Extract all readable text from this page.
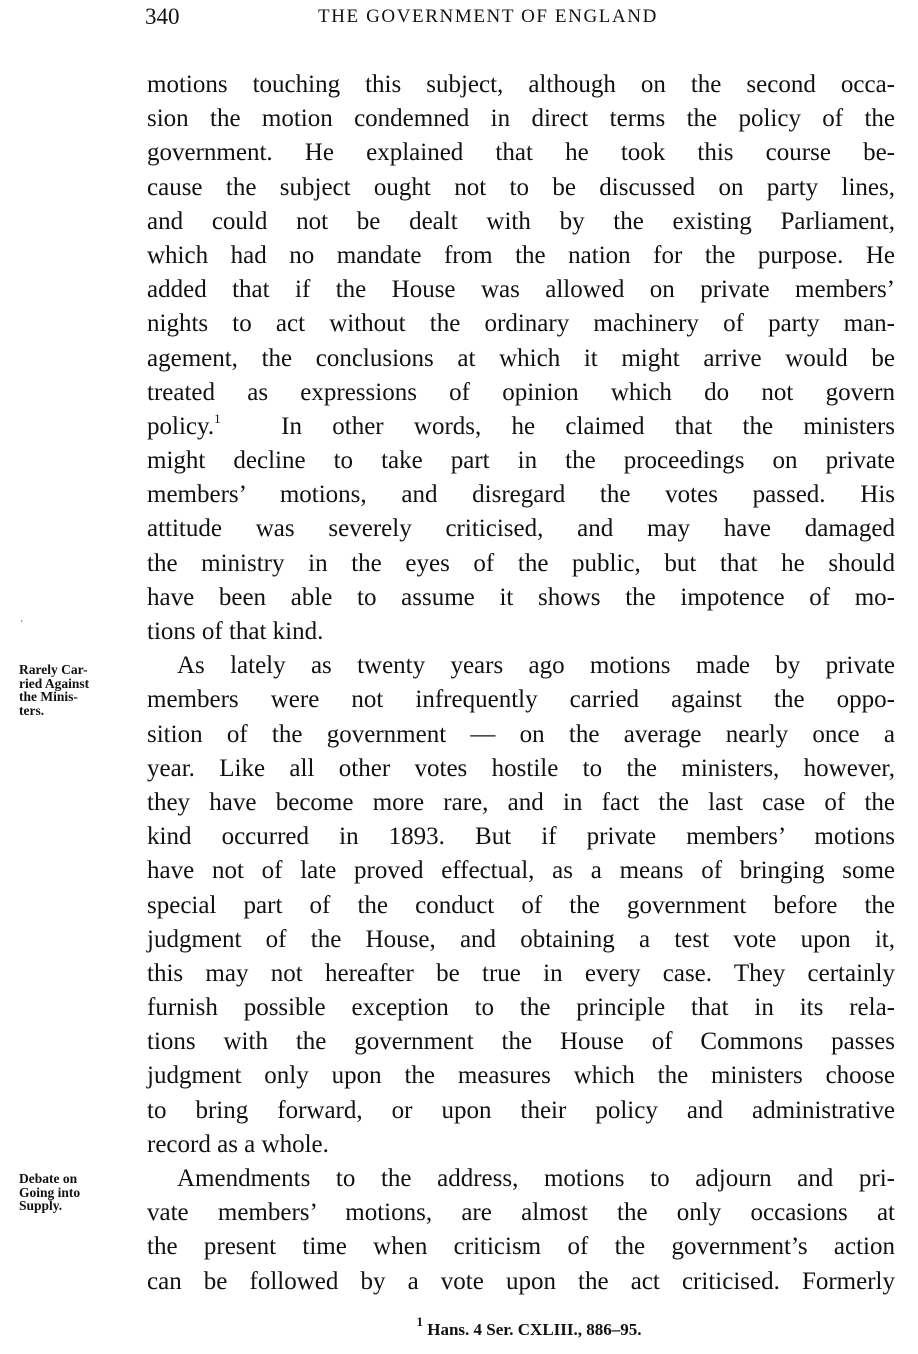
340	THE GOVERNMENT OF ENGLAND
’
Rarely Car-
ried Against
the Minis-
ters.
Debate on
Going into
Supply.
motions touching this subject, although on the second occa-
sion the motion condemned in direct terms the policy of the
government. He explained that he took this course be-
cause the subject ought not to be discussed on party lines,
and could not be dealt with by the existing Parliament,
which had no mandate from the nation for the purpose. He
added that if the House was allowed on private members’
nights to act without the ordinary machinery of party man-
agement, the conclusions at which it might arrive would be
treated as expressions of opinion which do not govern
policy.$^1$ In other words, he claimed that the ministers
might decline to take part in the proceedings on private
members’ motions, and disregard the votes passed. His
attitude was severely criticised, and may have damaged
the ministry in the eyes of the public, but that he should
have been able to assume it shows the impotence of mo-
tions of that kind.
As lately as twenty years ago motions made by private
members were not infrequently carried against the oppo-
sition of the government — on the average nearly once a
year. Like all other votes hostile to the ministers, however,
they have become more rare, and in fact the last case of the
kind occurred in 1893. But if private members’ motions
have not of late proved effectual, as a means of bringing some
special part of the conduct of the government before the
judgment of the House, and obtaining a test vote upon it,
this may not hereafter be true in every case. They certainly
furnish possible exception to the principle that in its rela-
tions with the government the House of Commons passes
judgment only upon the measures which the ministers choose
to bring forward, or upon their policy and administrative
record as a whole.
Amendments to the address, motions to adjourn and pri-
vate members’ motions, are almost the only occasions at
the present time when criticism of the government’s action
can be followed by a vote upon the act criticised. Formerly
$^1$ Hans. 4 Ser. CXLIII., 886–95.
